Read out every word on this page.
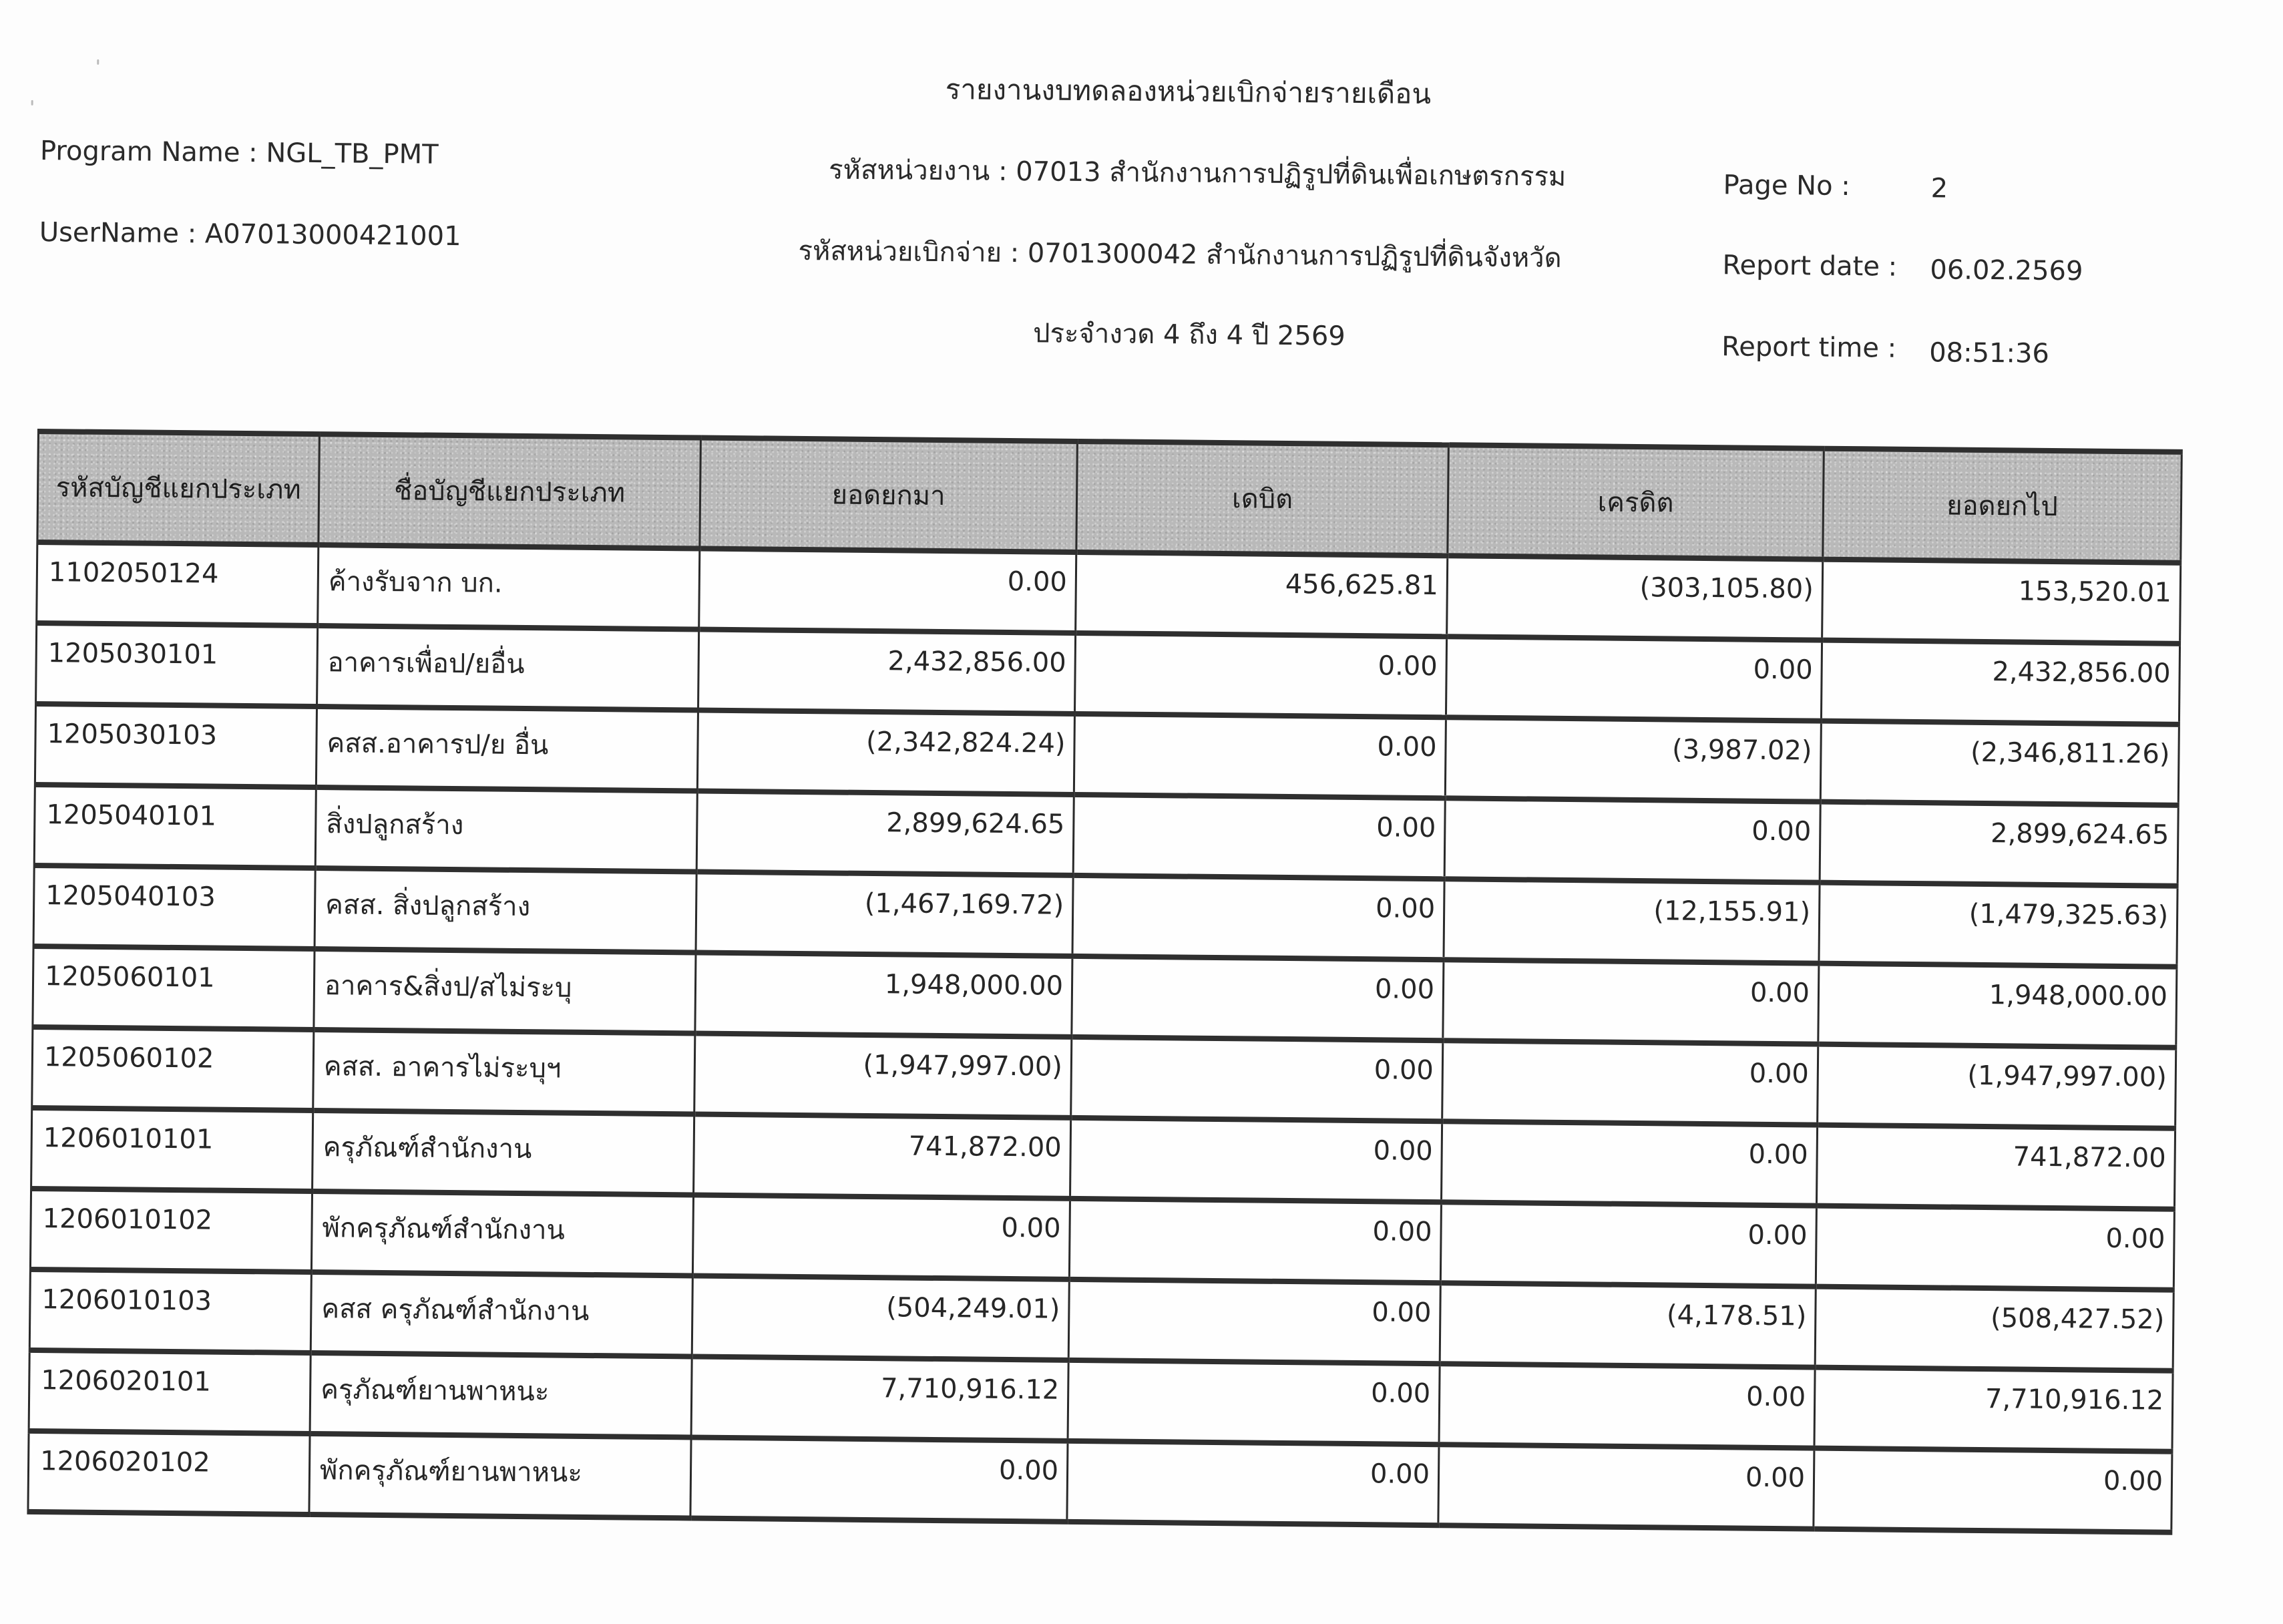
Program Name : NGL_TB_PMT
UserName : A07013000421001
รายงานงบทดลองหน่วยเบิกจ่ายรายเดือน
รหัสหน่วยงาน : 07013 สำนักงานการปฏิรูปที่ดินเพื่อเกษตรกรรม
รหัสหน่วยเบิกจ่าย : 0701300042 สำนักงานการปฏิรูปที่ดินจังหวัด
ประจำงวด 4 ถึง 4 ปี 2569
Page No :	2
Report date : 06.02.2569
Report time : 08:51:36
รหัสบัญชีแยกประเภท	ชื่อบัญชีแยกประเภท	ยอดยกมา	เดบิต	เครดิต	ยอดยกไป
1102050124	ค้างรับจาก บก.	0.00	456,625.81	(303,105.80)	153,520.01
1205030101	อาคารเพื่อป/ยอื่น	2,432,856.00	0.00	0.00	2,432,856.00
1205030103	คสส.อาคารป/ย อื่น	(2,342,824.24)	0.00	(3,987.02)	(2,346,811.26)
1205040101	สิ่งปลูกสร้าง	2,899,624.65	0.00	0.00	2,899,624.65
1205040103	คสส. สิ่งปลูกสร้าง	(1,467,169.72)	0.00	(12,155.91)	(1,479,325.63)
1205060101	อาคาร&สิ่งป/สไม่ระบุ	1,948,000.00	0.00	0.00	1,948,000.00
1205060102	คสส. อาคารไม่ระบุฯ	(1,947,997.00)	0.00	0.00	(1,947,997.00)
1206010101	ครุภัณฑ์สำนักงาน	741,872.00	0.00	0.00	741,872.00
1206010102	พักครุภัณฑ์สำนักงาน	0.00	0.00	0.00	0.00
1206010103	คสส ครุภัณฑ์สำนักงาน	(504,249.01)	0.00	(4,178.51)	(508,427.52)
1206020101	ครุภัณฑ์ยานพาหนะ	7,710,916.12	0.00	0.00	7,710,916.12
1206020102	พักครุภัณฑ์ยานพาหนะ	0.00	0.00	0.00	0.00
